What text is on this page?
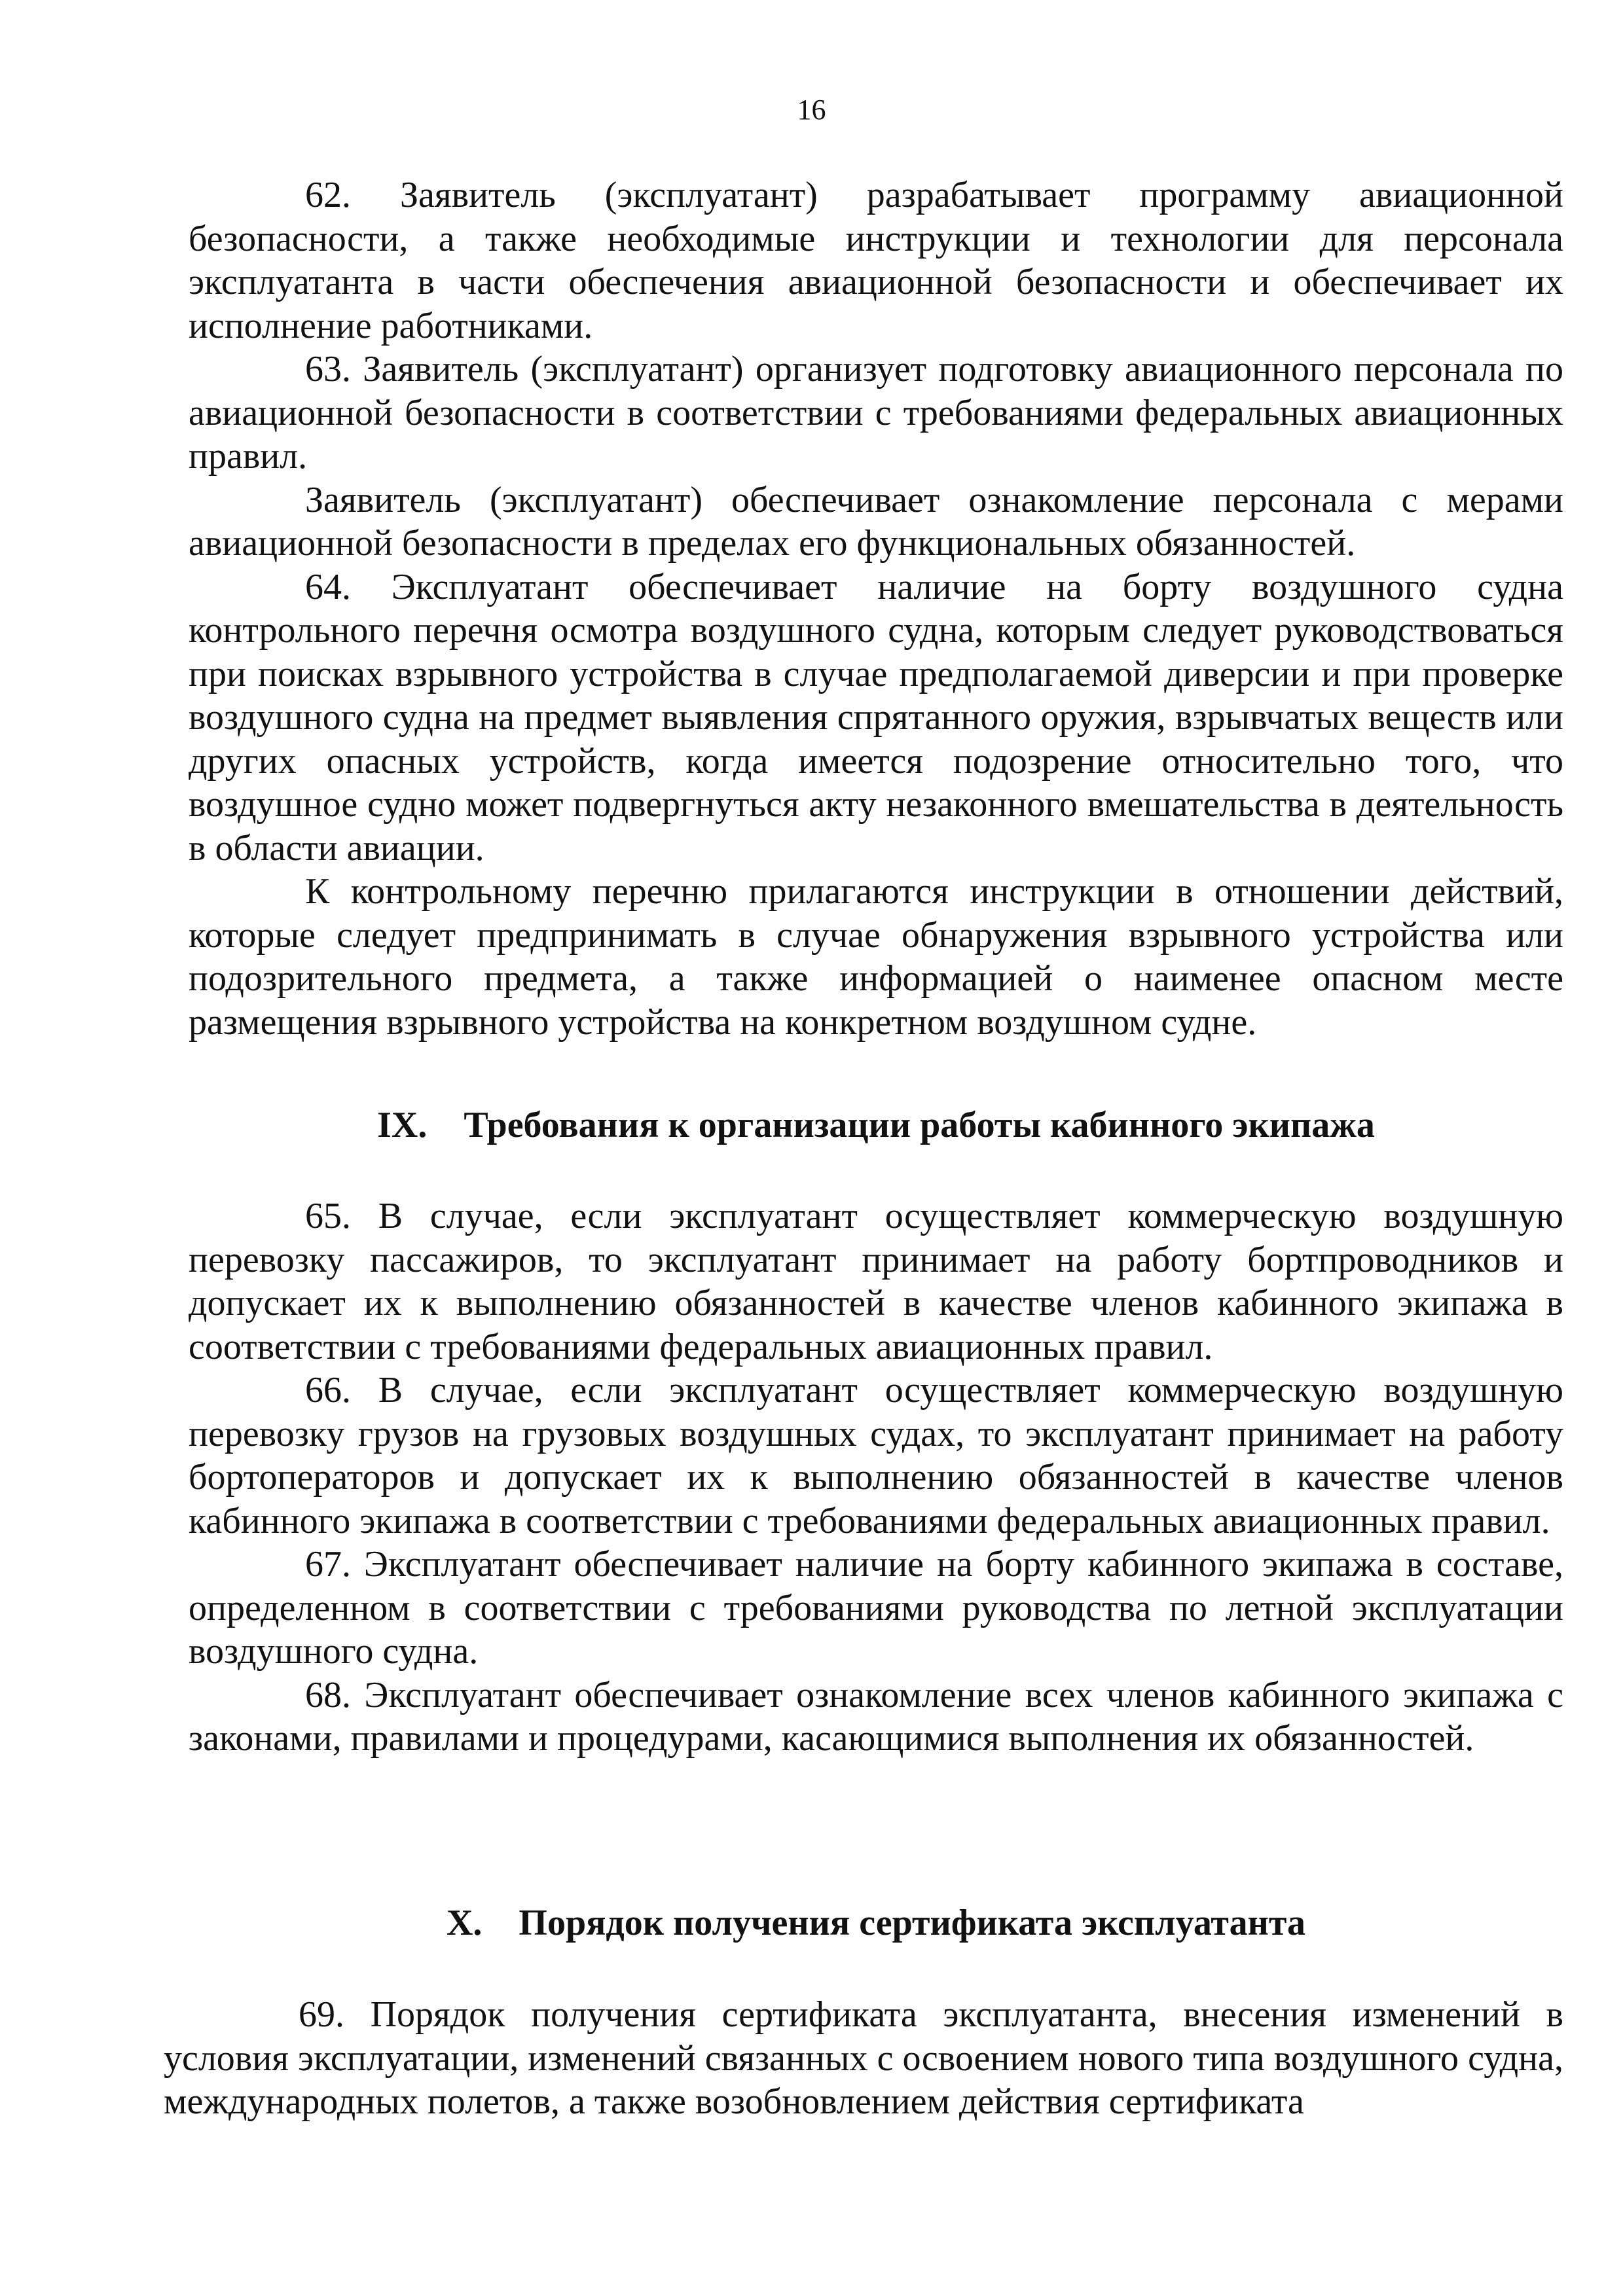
16

62. Заявитель (эксплуатант) разрабатывает программу авиационной безопасности, а также необходимые инструкции и технологии для персонала эксплуатанта в части обеспечения авиационной безопасности и обеспечивает их исполнение работниками.

63. Заявитель (эксплуатант) организует подготовку авиационного персонала по авиационной безопасности в соответствии с требованиями федеральных авиационных правил.

Заявитель (эксплуатант) обеспечивает ознакомление персонала с мерами авиационной безопасности в пределах его функциональных обязанностей.

64. Эксплуатант обеспечивает наличие на борту воздушного судна контрольного перечня осмотра воздушного судна, которым следует руководствоваться при поисках взрывного устройства в случае предполагаемой диверсии и при проверке воздушного судна на предмет выявления спрятанного оружия, взрывчатых веществ или других опасных устройств, когда имеется подозрение относительно того, что воздушное судно может подвергнуться акту незаконного вмешательства в деятельность в области авиации.

К контрольному перечню прилагаются инструкции в отношении действий, которые следует предпринимать в случае обнаружения взрывного устройства или подозрительного предмета, а также информацией о наименее опасном месте размещения взрывного устройства на конкретном воздушном судне.

IX. Требования к организации работы кабинного экипажа

65. В случае, если эксплуатант осуществляет коммерческую воздушную перевозку пассажиров, то эксплуатант принимает на работу бортпроводников и допускает их к выполнению обязанностей в качестве членов кабинного экипажа в соответствии с требованиями федеральных авиационных правил.

66. В случае, если эксплуатант осуществляет коммерческую воздушную перевозку грузов на грузовых воздушных судах, то эксплуатант принимает на работу бортоператоров и допускает их к выполнению обязанностей в качестве членов кабинного экипажа в соответствии с требованиями федеральных авиационных правил.

67. Эксплуатант обеспечивает наличие на борту кабинного экипажа в составе, определенном в соответствии с требованиями руководства по летной эксплуатации воздушного судна.

68. Эксплуатант обеспечивает ознакомление всех членов кабинного экипажа с законами, правилами и процедурами, касающимися выполнения их обязанностей.

X. Порядок получения сертификата эксплуатанта

69. Порядок получения сертификата эксплуатанта, внесения изменений в условия эксплуатации, изменений связанных с освоением нового типа воздушного судна, международных полетов, а также возобновлением действия сертификата
